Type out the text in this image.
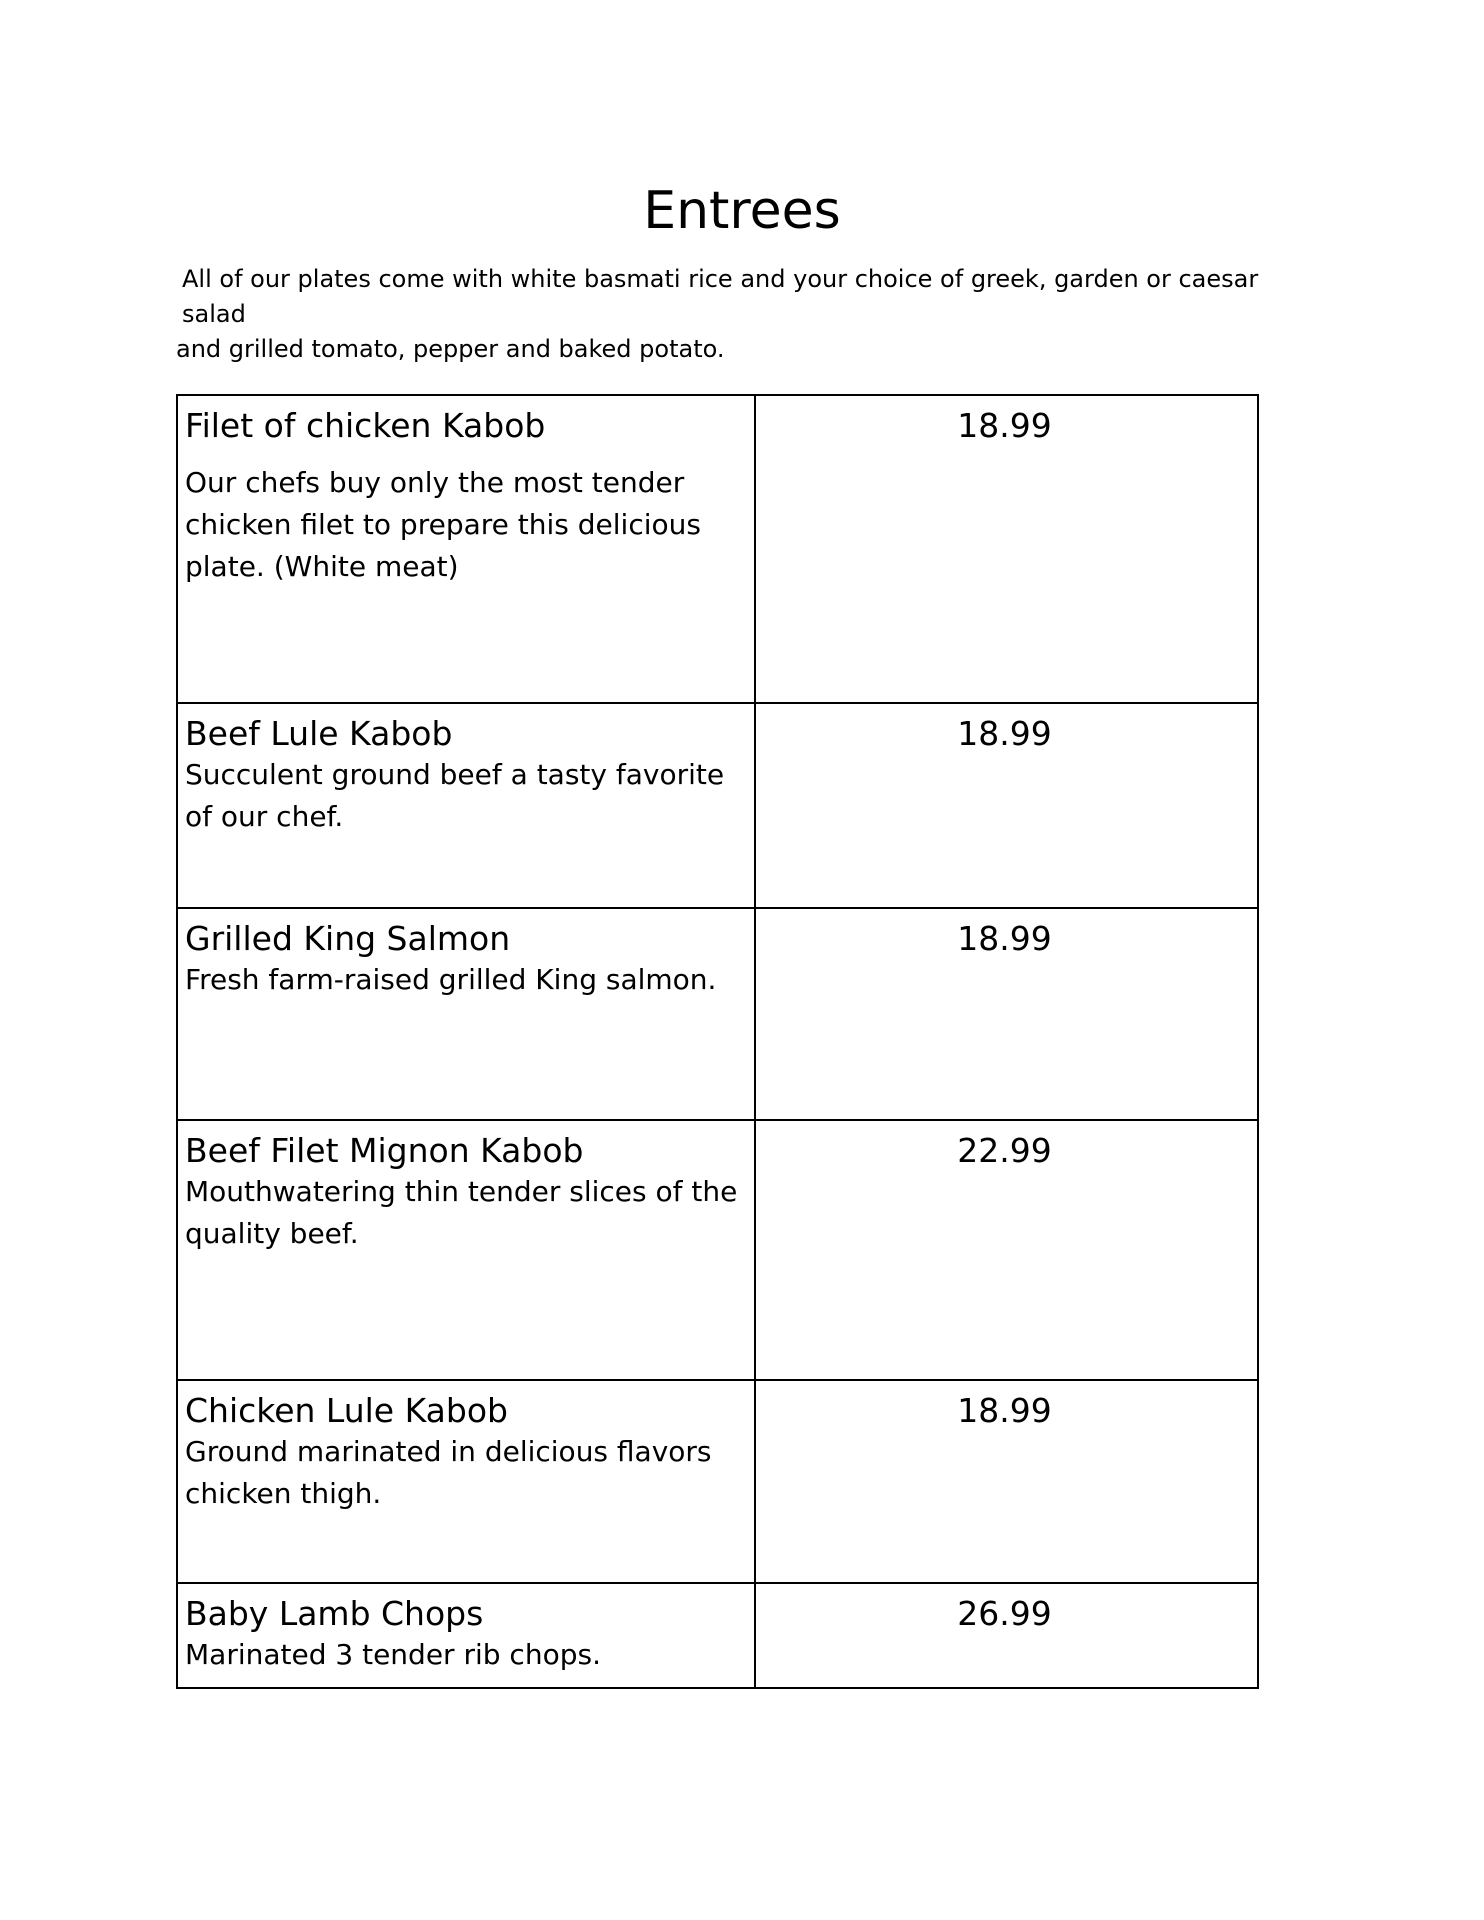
Entrees

All of our plates come with white basmati rice and your choice of greek, garden or caesar salad
and grilled tomato, pepper and baked potato.

Filet of chicken Kabob
Our chefs buy only the most tender chicken filet to prepare this delicious plate. (White meat)	18.99

Beef Lule Kabob
Succulent ground beef a tasty favorite of our chef.	18.99

Grilled King Salmon
Fresh farm-raised grilled King salmon.	18.99

Beef Filet Mignon Kabob
Mouthwatering thin tender slices of the quality beef.	22.99

Chicken Lule Kabob
Ground marinated in delicious flavors chicken thigh.	18.99

Baby Lamb Chops
Marinated 3 tender rib chops.	26.99
